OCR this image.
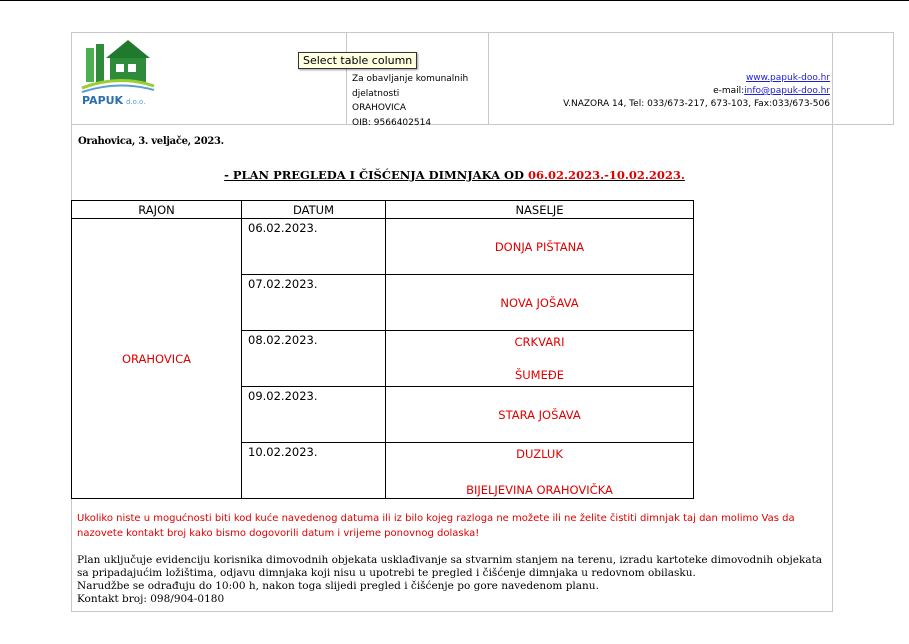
PAPUK d.o.o.
Za obavljanje komunalnih
djelatnosti
ORAHOVICA
OIB: 9566402514
www.papuk-doo.hr
e-mail:info@papuk-doo.hr
V.NAZORA 14, Tel: 033/673-217, 673-103, Fax:033/673-506
Select table column
Orahovica, 3. veljače, 2023.
- PLAN PREGLEDA I ČIŠĆENJA DIMNJAKA OD 06.02.2023.-10.02.2023.
RAJON	DATUM	NASELJE
ORAHOVICA	06.02.2023.	DONJA PIŠTANA
	07.02.2023.	NOVA JOŠAVA
	08.02.2023.	CRKVARI
ŠUMEĐE

	09.02.2023.	STARA JOŠAVA
	10.02.2023.	DUZLUK
BIJELJEVINA ORAHOVIČKA
Ukoliko niste u mogućnosti biti kod kuće navedenog datuma ili iz bilo kojeg razloga ne možete ili ne želite čistiti dimnjak taj dan molimo Vas da nazovete kontakt broj kako bismo dogovorili datum i vrijeme ponovnog dolaska!
Plan uključuje evidenciju korisnika dimovodnih objekata usklađivanje sa stvarnim stanjem na terenu, izradu kartoteke dimovodnih objekata sa pripadajućim ložištima, odjavu dimnjaka koji nisu u upotrebi te pregled i čišćenje dimnjaka u redovnom obilasku.
Narudžbe se odrađuju do 10:00 h, nakon toga slijedi pregled i čišćenje po gore navedenom planu.
Kontakt broj: 098/904-0180
